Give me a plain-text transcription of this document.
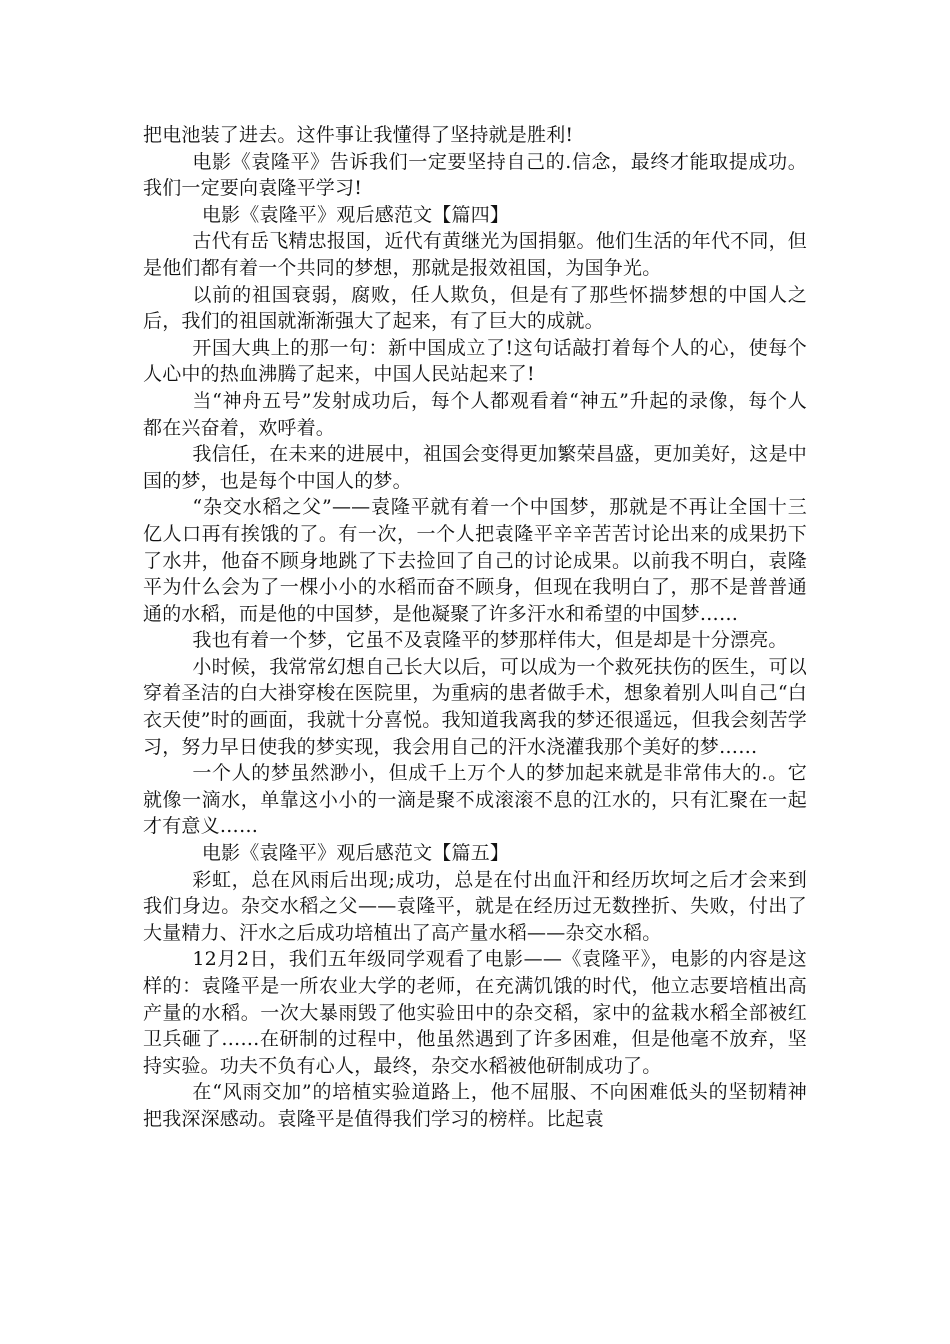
把电池装了进去。这件事让我懂得了坚持就是胜利!

电影《袁隆平》告诉我们一定要坚持自己的.信念，最终才能取提成功。我们一定要向袁隆平学习!

电影《袁隆平》观后感范文【篇四】

古代有岳飞精忠报国，近代有黄继光为国捐躯。他们生活的年代不同，但是他们都有着一个共同的梦想，那就是报效祖国，为国争光。

以前的祖国衰弱，腐败，任人欺负，但是有了那些怀揣梦想的中国人之后，我们的祖国就渐渐强大了起来，有了巨大的成就。

开国大典上的那一句：新中国成立了!这句话敲打着每个人的心，使每个人心中的热血沸腾了起来，中国人民站起来了!

当“神舟五号”发射成功后，每个人都观看着“神五”升起的录像，每个人都在兴奋着，欢呼着。

我信任，在未来的进展中，祖国会变得更加繁荣昌盛，更加美好，这是中国的梦，也是每个中国人的梦。

“杂交水稻之父”——袁隆平就有着一个中国梦，那就是不再让全国十三亿人口再有挨饿的了。有一次，一个人把袁隆平辛辛苦苦讨论出来的成果扔下了水井，他奋不顾身地跳了下去捡回了自己的讨论成果。以前我不明白，袁隆平为什么会为了一棵小小的水稻而奋不顾身，但现在我明白了，那不是普普通通的水稻，而是他的中国梦，是他凝聚了许多汗水和希望的中国梦……

我也有着一个梦，它虽不及袁隆平的梦那样伟大，但是却是十分漂亮。

小时候，我常常幻想自己长大以后，可以成为一个救死扶伤的医生，可以穿着圣洁的白大褂穿梭在医院里，为重病的患者做手术，想象着别人叫自己“白衣天使”时的画面，我就十分喜悦。我知道我离我的梦还很遥远，但我会刻苦学习，努力早日使我的梦实现，我会用自己的汗水浇灌我那个美好的梦……

一个人的梦虽然渺小，但成千上万个人的梦加起来就是非常伟大的.。它就像一滴水，单靠这小小的一滴是聚不成滚滚不息的江水的，只有汇聚在一起才有意义……

电影《袁隆平》观后感范文【篇五】

彩虹，总在风雨后出现;成功，总是在付出血汗和经历坎坷之后才会来到我们身边。杂交水稻之父——袁隆平，就是在经历过无数挫折、失败，付出了大量精力、汗水之后成功培植出了高产量水稻——杂交水稻。

12月2日，我们五年级同学观看了电影——《袁隆平》，电影的内容是这样的：袁隆平是一所农业大学的老师，在充满饥饿的时代，他立志要培植出高产量的水稻。一次大暴雨毁了他实验田中的杂交稻，家中的盆栽水稻全部被红卫兵砸了……在研制的过程中，他虽然遇到了许多困难，但是他毫不放弃，坚持实验。功夫不负有心人，最终，杂交水稻被他研制成功了。

在“风雨交加”的培植实验道路上，他不屈服、不向困难低头的坚韧精神把我深深感动。袁隆平是值得我们学习的榜样。比起袁
